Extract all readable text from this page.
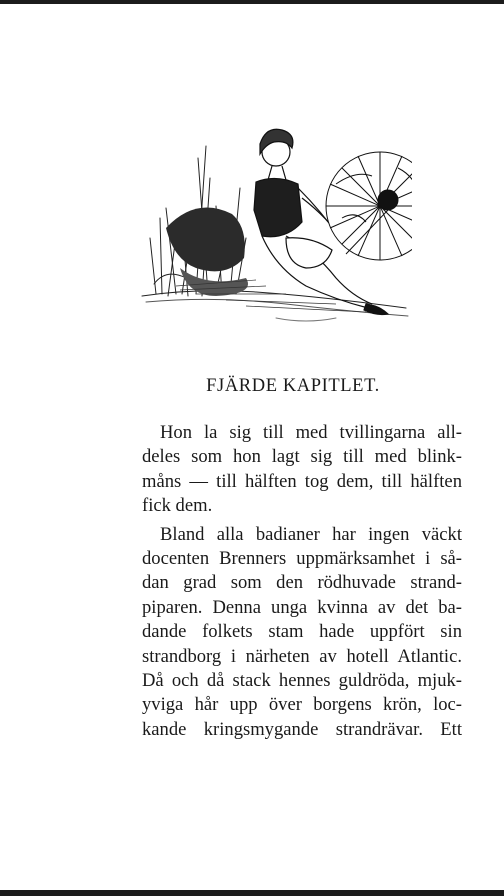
FJÄRDE KAPITLET.
Hon la sig till med tvillingarna all-
deles som hon lagt sig till med blink-
måns — till hälften tog dem, till hälften
fick dem.
Bland alla badianer har ingen väckt
docenten Brenners uppmärksamhet i så-
dan grad som den rödhuvade strand-
piparen. Denna unga kvinna av det ba-
dande folkets stam hade uppfört sin
strandborg i närheten av hotell Atlantic.
Då och då stack hennes guldröda, mjuk-
yviga hår upp över borgens krön, loc-
kande kringsmygande strandrävar. Ett
